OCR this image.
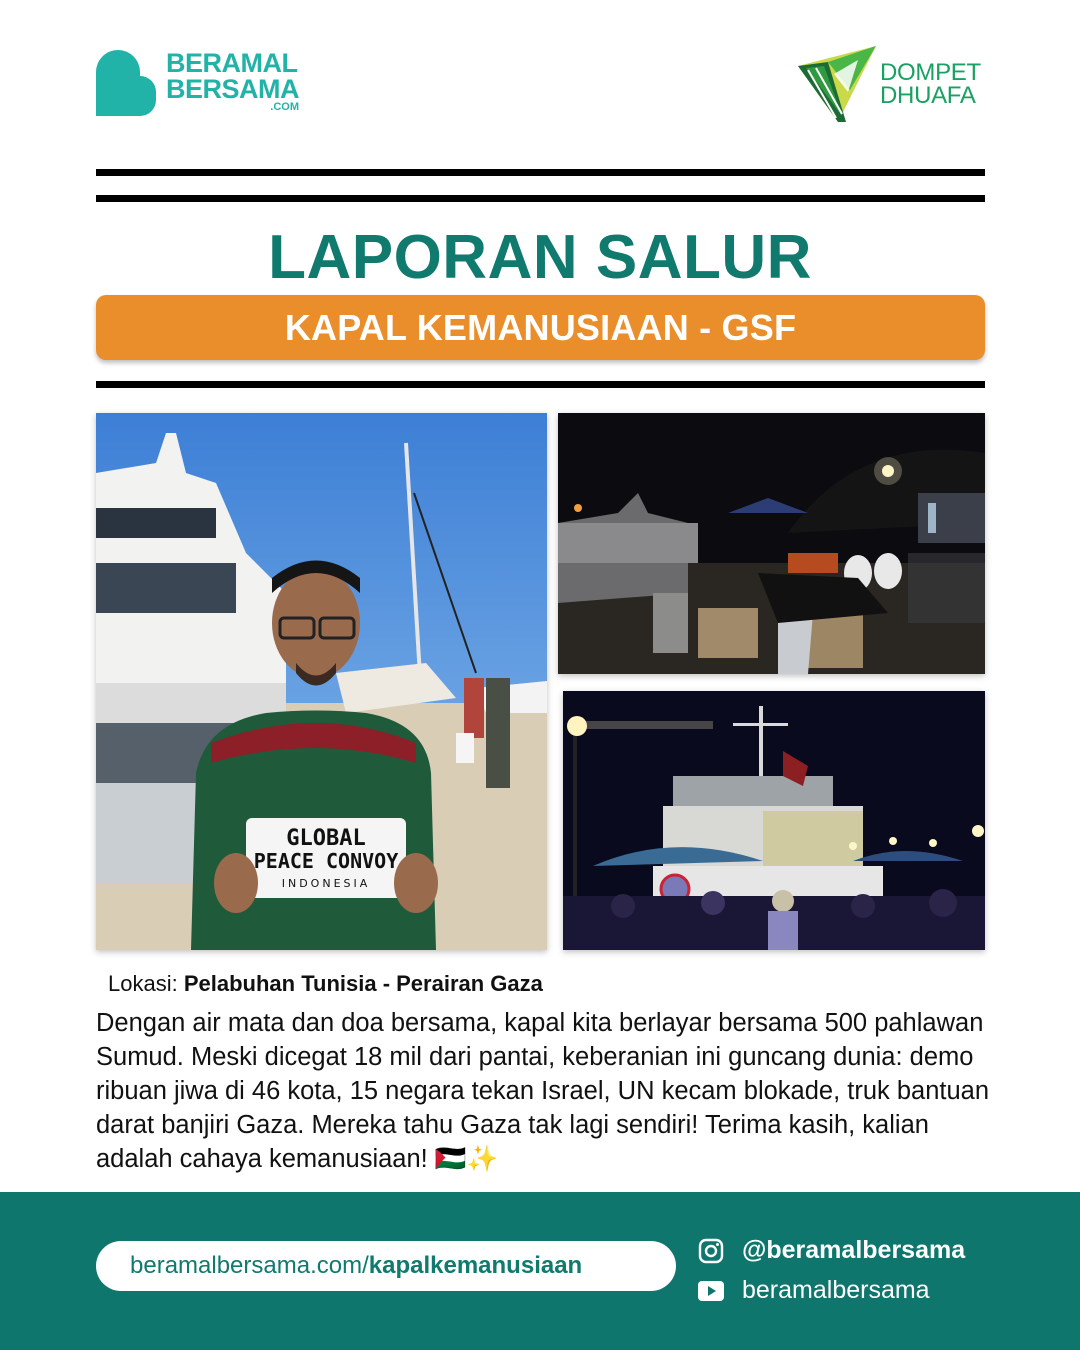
BERAMAL
BERSAMA
.COM
DOMPET
DHUAFA
LAPORAN SALUR
KAPAL KEMANUSIAAN - GSF
GLOBAL
PEACE CONVOY
INDONESIA
Lokasi: Pelabuhan Tunisia - Perairan Gaza

Dengan air mata dan doa bersama, kapal kita berlayar bersama 500 pahlawan Sumud. Meski dicegat 18 mil dari pantai, keberanian ini guncang dunia: demo ribuan jiwa di 46 kota, 15 negara tekan Israel, UN kecam blokade, truk bantuan darat banjiri Gaza. Mereka tahu Gaza tak lagi sendiri! Terima kasih, kalian adalah cahaya kemanusiaan! 🇵🇸✨

beramalbersama.com/ kapalkemanusiaan
@beramalbersama
beramalbersama
